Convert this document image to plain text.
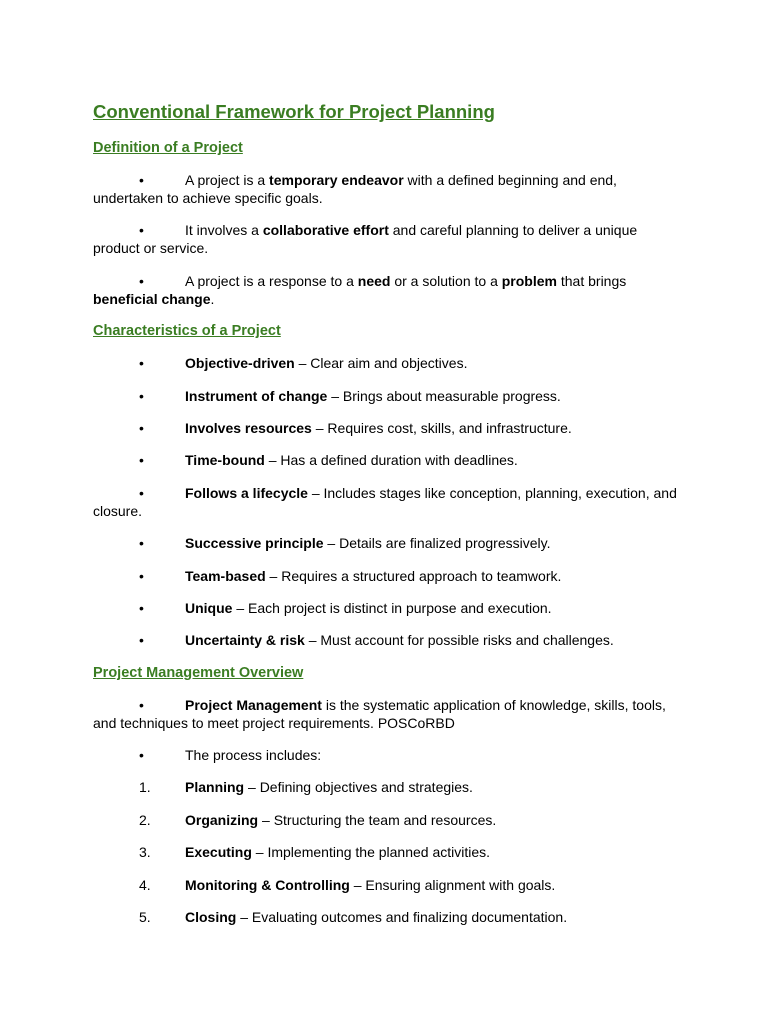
Conventional Framework for Project Planning
Definition of a Project
•	A project is a temporary endeavor with a defined beginning and end, undertaken to achieve specific goals.
•	It involves a collaborative effort and careful planning to deliver a unique product or service.
•	A project is a response to a need or a solution to a problem that brings beneficial change.
Characteristics of a Project
•	Objective-driven – Clear aim and objectives.
•	Instrument of change – Brings about measurable progress.
•	Involves resources – Requires cost, skills, and infrastructure.
•	Time-bound – Has a defined duration with deadlines.
•	Follows a lifecycle – Includes stages like conception, planning, execution, and closure.
•	Successive principle – Details are finalized progressively.
•	Team-based – Requires a structured approach to teamwork.
•	Unique – Each project is distinct in purpose and execution.
•	Uncertainty & risk – Must account for possible risks and challenges.
Project Management Overview
•	Project Management is the systematic application of knowledge, skills, tools, and techniques to meet project requirements. POSCoRBD
•	The process includes:
1. Planning – Defining objectives and strategies.
2. Organizing – Structuring the team and resources.
3. Executing – Implementing the planned activities.
4. Monitoring & Controlling – Ensuring alignment with goals.
5. Closing – Evaluating outcomes and finalizing documentation.
